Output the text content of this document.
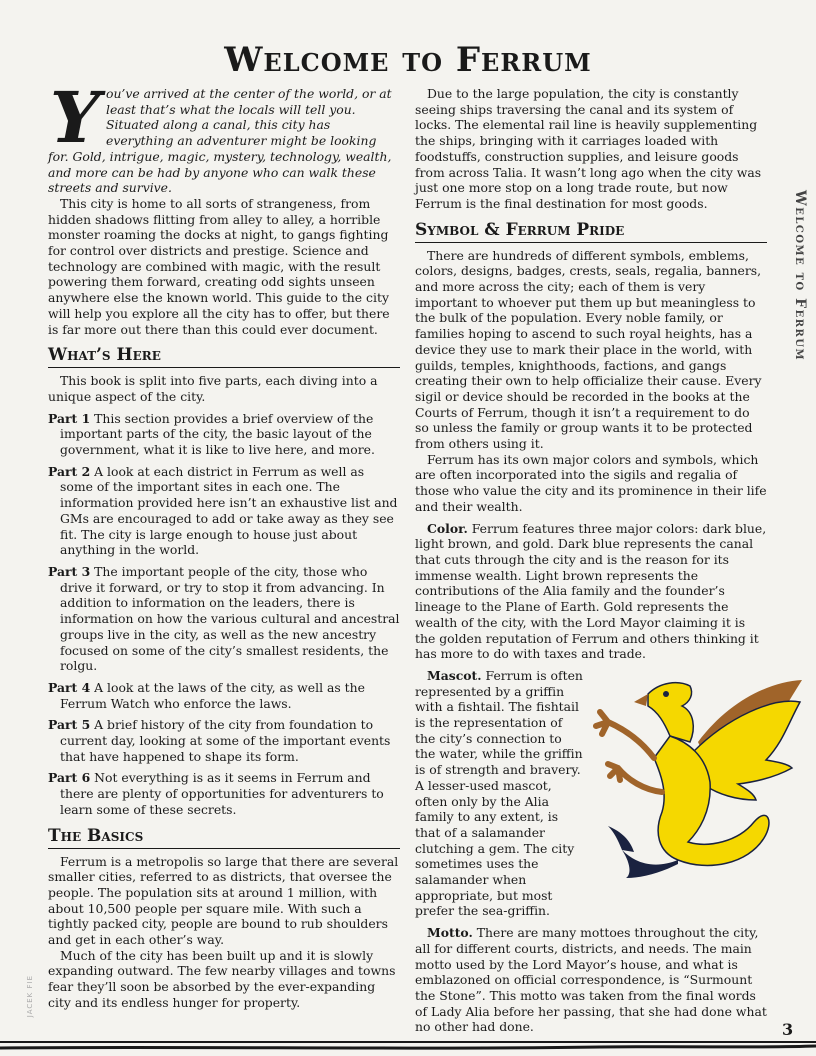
Welcome to Ferrum

You’ve arrived at the center of the world, or at least that’s what the locals will tell you. Situated along a canal, this city has everything an adventurer might be looking for. Gold, intrigue, magic, mystery, technology, wealth, and more can be had by anyone who can walk these streets and survive.

This city is home to all sorts of strangeness, from hidden shadows flitting from alley to alley, a horrible monster roaming the docks at night, to gangs fighting for control over districts and prestige. Science and technology are combined with magic, with the result powering them forward, creating odd sights unseen anywhere else the known world. This guide to the city will help you explore all the city has to offer, but there is far more out there than this could ever document.

What’s Here

This book is split into five parts, each diving into a unique aspect of the city.

Part 1 This section provides a brief overview of the important parts of the city, the basic layout of the government, what it is like to live here, and more.

Part 2 A look at each district in Ferrum as well as some of the important sites in each one. The information provided here isn’t an exhaustive list and GMs are encouraged to add or take away as they see fit. The city is large enough to house just about anything in the world.

Part 3 The important people of the city, those who drive it forward, or try to stop it from advancing. In addition to information on the leaders, there is information on how the various cultural and ancestral groups live in the city, as well as the new ancestry focused on some of the city’s smallest residents, the rolgu.

Part 4 A look at the laws of the city, as well as the Ferrum Watch who enforce the laws.

Part 5 A brief history of the city from foundation to current day, looking at some of the important events that have happened to shape its form.

Part 6 Not everything is as it seems in Ferrum and there are plenty of opportunities for adventurers to learn some of these secrets.

The Basics

Ferrum is a metropolis so large that there are several smaller cities, referred to as districts, that oversee the people. The population sits at around 1 million, with about 10,500 people per square mile. With such a tightly packed city, people are bound to rub shoulders and get in each other’s way.

Much of the city has been built up and it is slowly expanding outward. The few nearby villages and towns fear they’ll soon be absorbed by the ever-expanding city and its endless hunger for property.

Due to the large population, the city is constantly seeing ships traversing the canal and its system of locks. The elemental rail line is heavily supplementing the ships, bringing with it carriages loaded with foodstuffs, construction supplies, and leisure goods from across Talia. It wasn’t long ago when the city was just one more stop on a long trade route, but now Ferrum is the final destination for most goods.

Symbol & Ferrum Pride

There are hundreds of different symbols, emblems, colors, designs, badges, crests, seals, regalia, banners, and more across the city; each of them is very important to whoever put them up but meaningless to the bulk of the population. Every noble family, or families hoping to ascend to such royal heights, has a device they use to mark their place in the world, with guilds, temples, knighthoods, factions, and gangs creating their own to help officialize their cause. Every sigil or device should be recorded in the books at the Courts of Ferrum, though it isn’t a requirement to do so unless the family or group wants it to be protected from others using it.

Ferrum has its own major colors and symbols, which are often incorporated into the sigils and regalia of those who value the city and its prominence in their life and their wealth.

Color. Ferrum features three major colors: dark blue, light brown, and gold. Dark blue represents the canal that cuts through the city and is the reason for its immense wealth. Light brown represents the contributions of the Alia family and the founder’s lineage to the Plane of Earth. Gold represents the wealth of the city, with the Lord Mayor claiming it is the golden reputation of Ferrum and others thinking it has more to do with taxes and trade.

Mascot. Ferrum is often represented by a griffin with a fishtail. The fishtail is the representation of the city’s connection to the water, while the griffin is of strength and bravery. A lesser-used mascot, often only by the Alia family to any extent, is that of a salamander clutching a gem. The city sometimes uses the salamander when appropriate, but most prefer the sea-griffin.

Motto. There are many mottoes throughout the city, all for different courts, districts, and needs. The main motto used by the Lord Mayor’s house, and what is emblazoned on official correspondence, is “Surmount the Stone”. This motto was taken from the final words of Lady Alia before her passing, that she had done what no other had done.

Welcome to Ferrum
JACEK FIE
3
